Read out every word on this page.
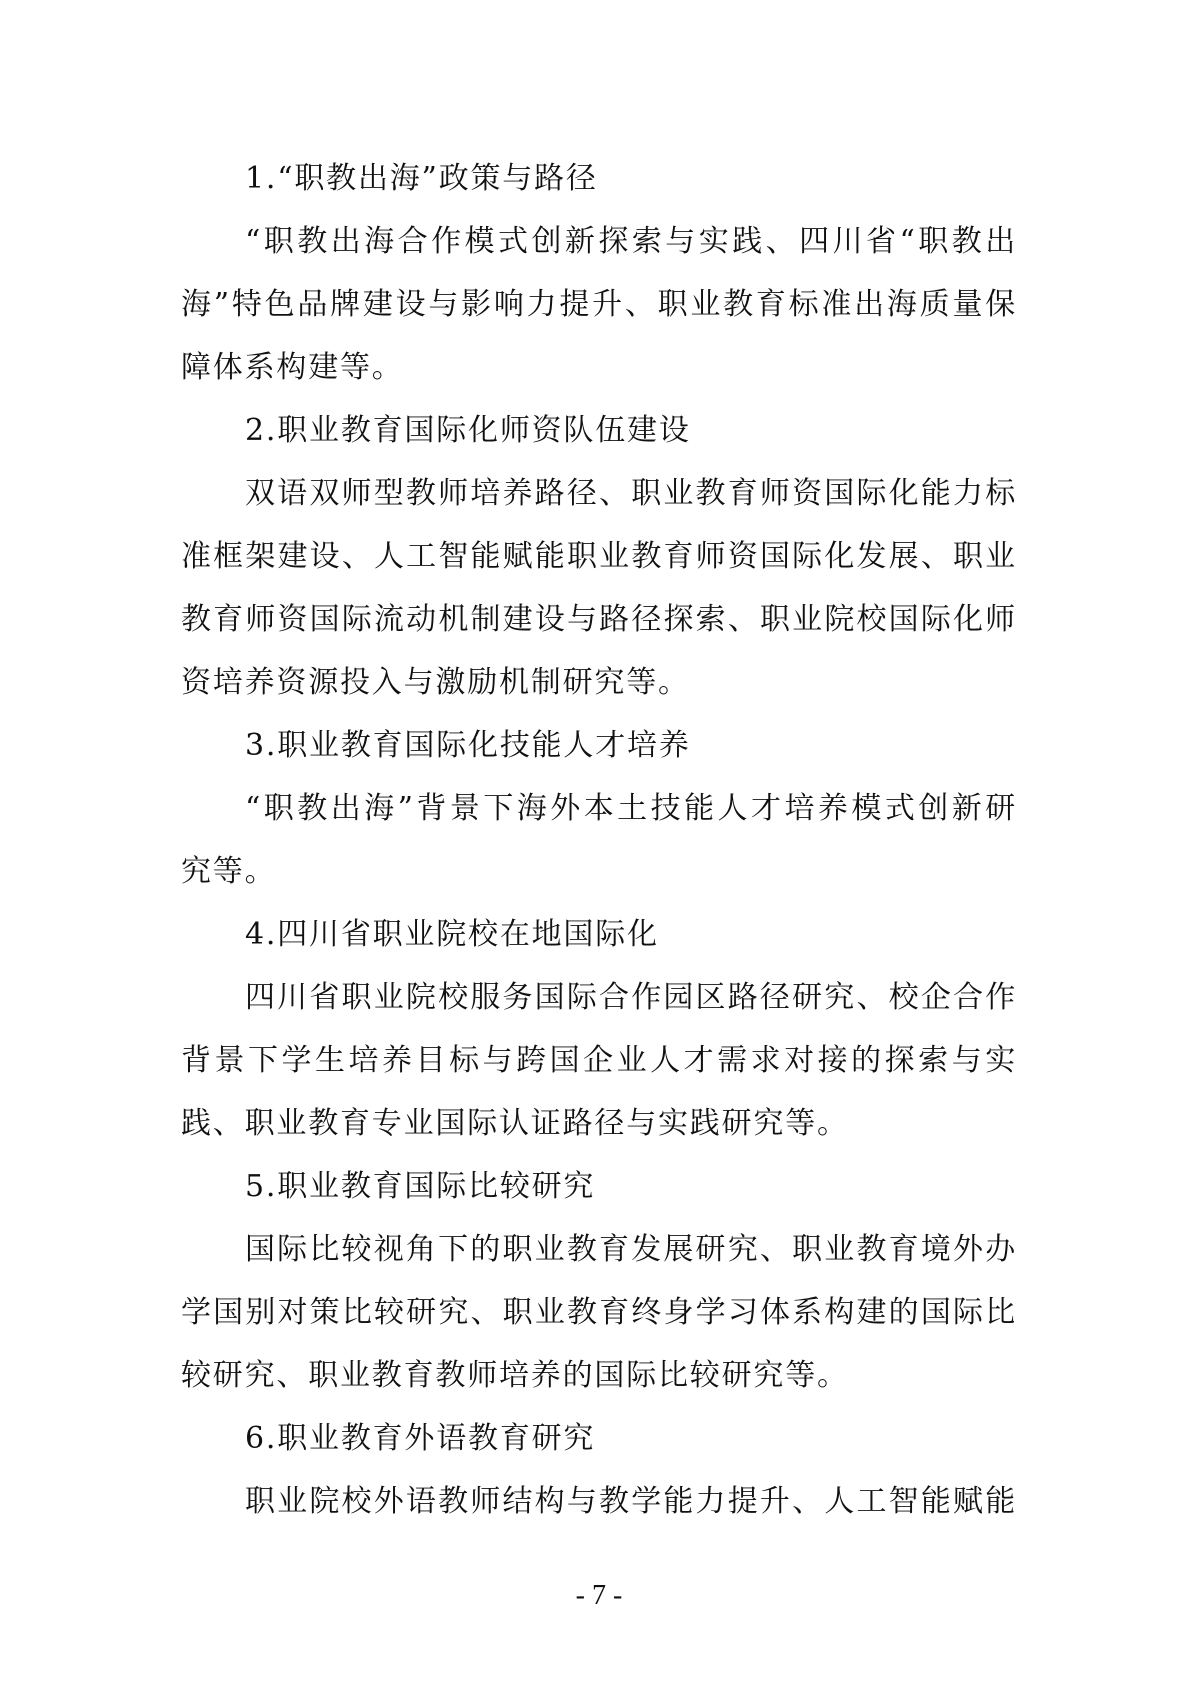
1.“职教出海”政策与路径
“职教出海合作模式创新探索与实践、四川省“职教出
海”特色品牌建设与影响力提升、职业教育标准出海质量保
障体系构建等。
2.职业教育国际化师资队伍建设
双语双师型教师培养路径、职业教育师资国际化能力标
准框架建设、人工智能赋能职业教育师资国际化发展、职业
教育师资国际流动机制建设与路径探索、职业院校国际化师
资培养资源投入与激励机制研究等。
3.职业教育国际化技能人才培养
“职教出海”背景下海外本土技能人才培养模式创新研
究等。
4.四川省职业院校在地国际化
四川省职业院校服务国际合作园区路径研究、校企合作
背景下学生培养目标与跨国企业人才需求对接的探索与实
践、职业教育专业国际认证路径与实践研究等。
5.职业教育国际比较研究
国际比较视角下的职业教育发展研究、职业教育境外办
学国别对策比较研究、职业教育终身学习体系构建的国际比
较研究、职业教育教师培养的国际比较研究等。
6.职业教育外语教育研究
职业院校外语教师结构与教学能力提升、人工智能赋能
- 7 -
